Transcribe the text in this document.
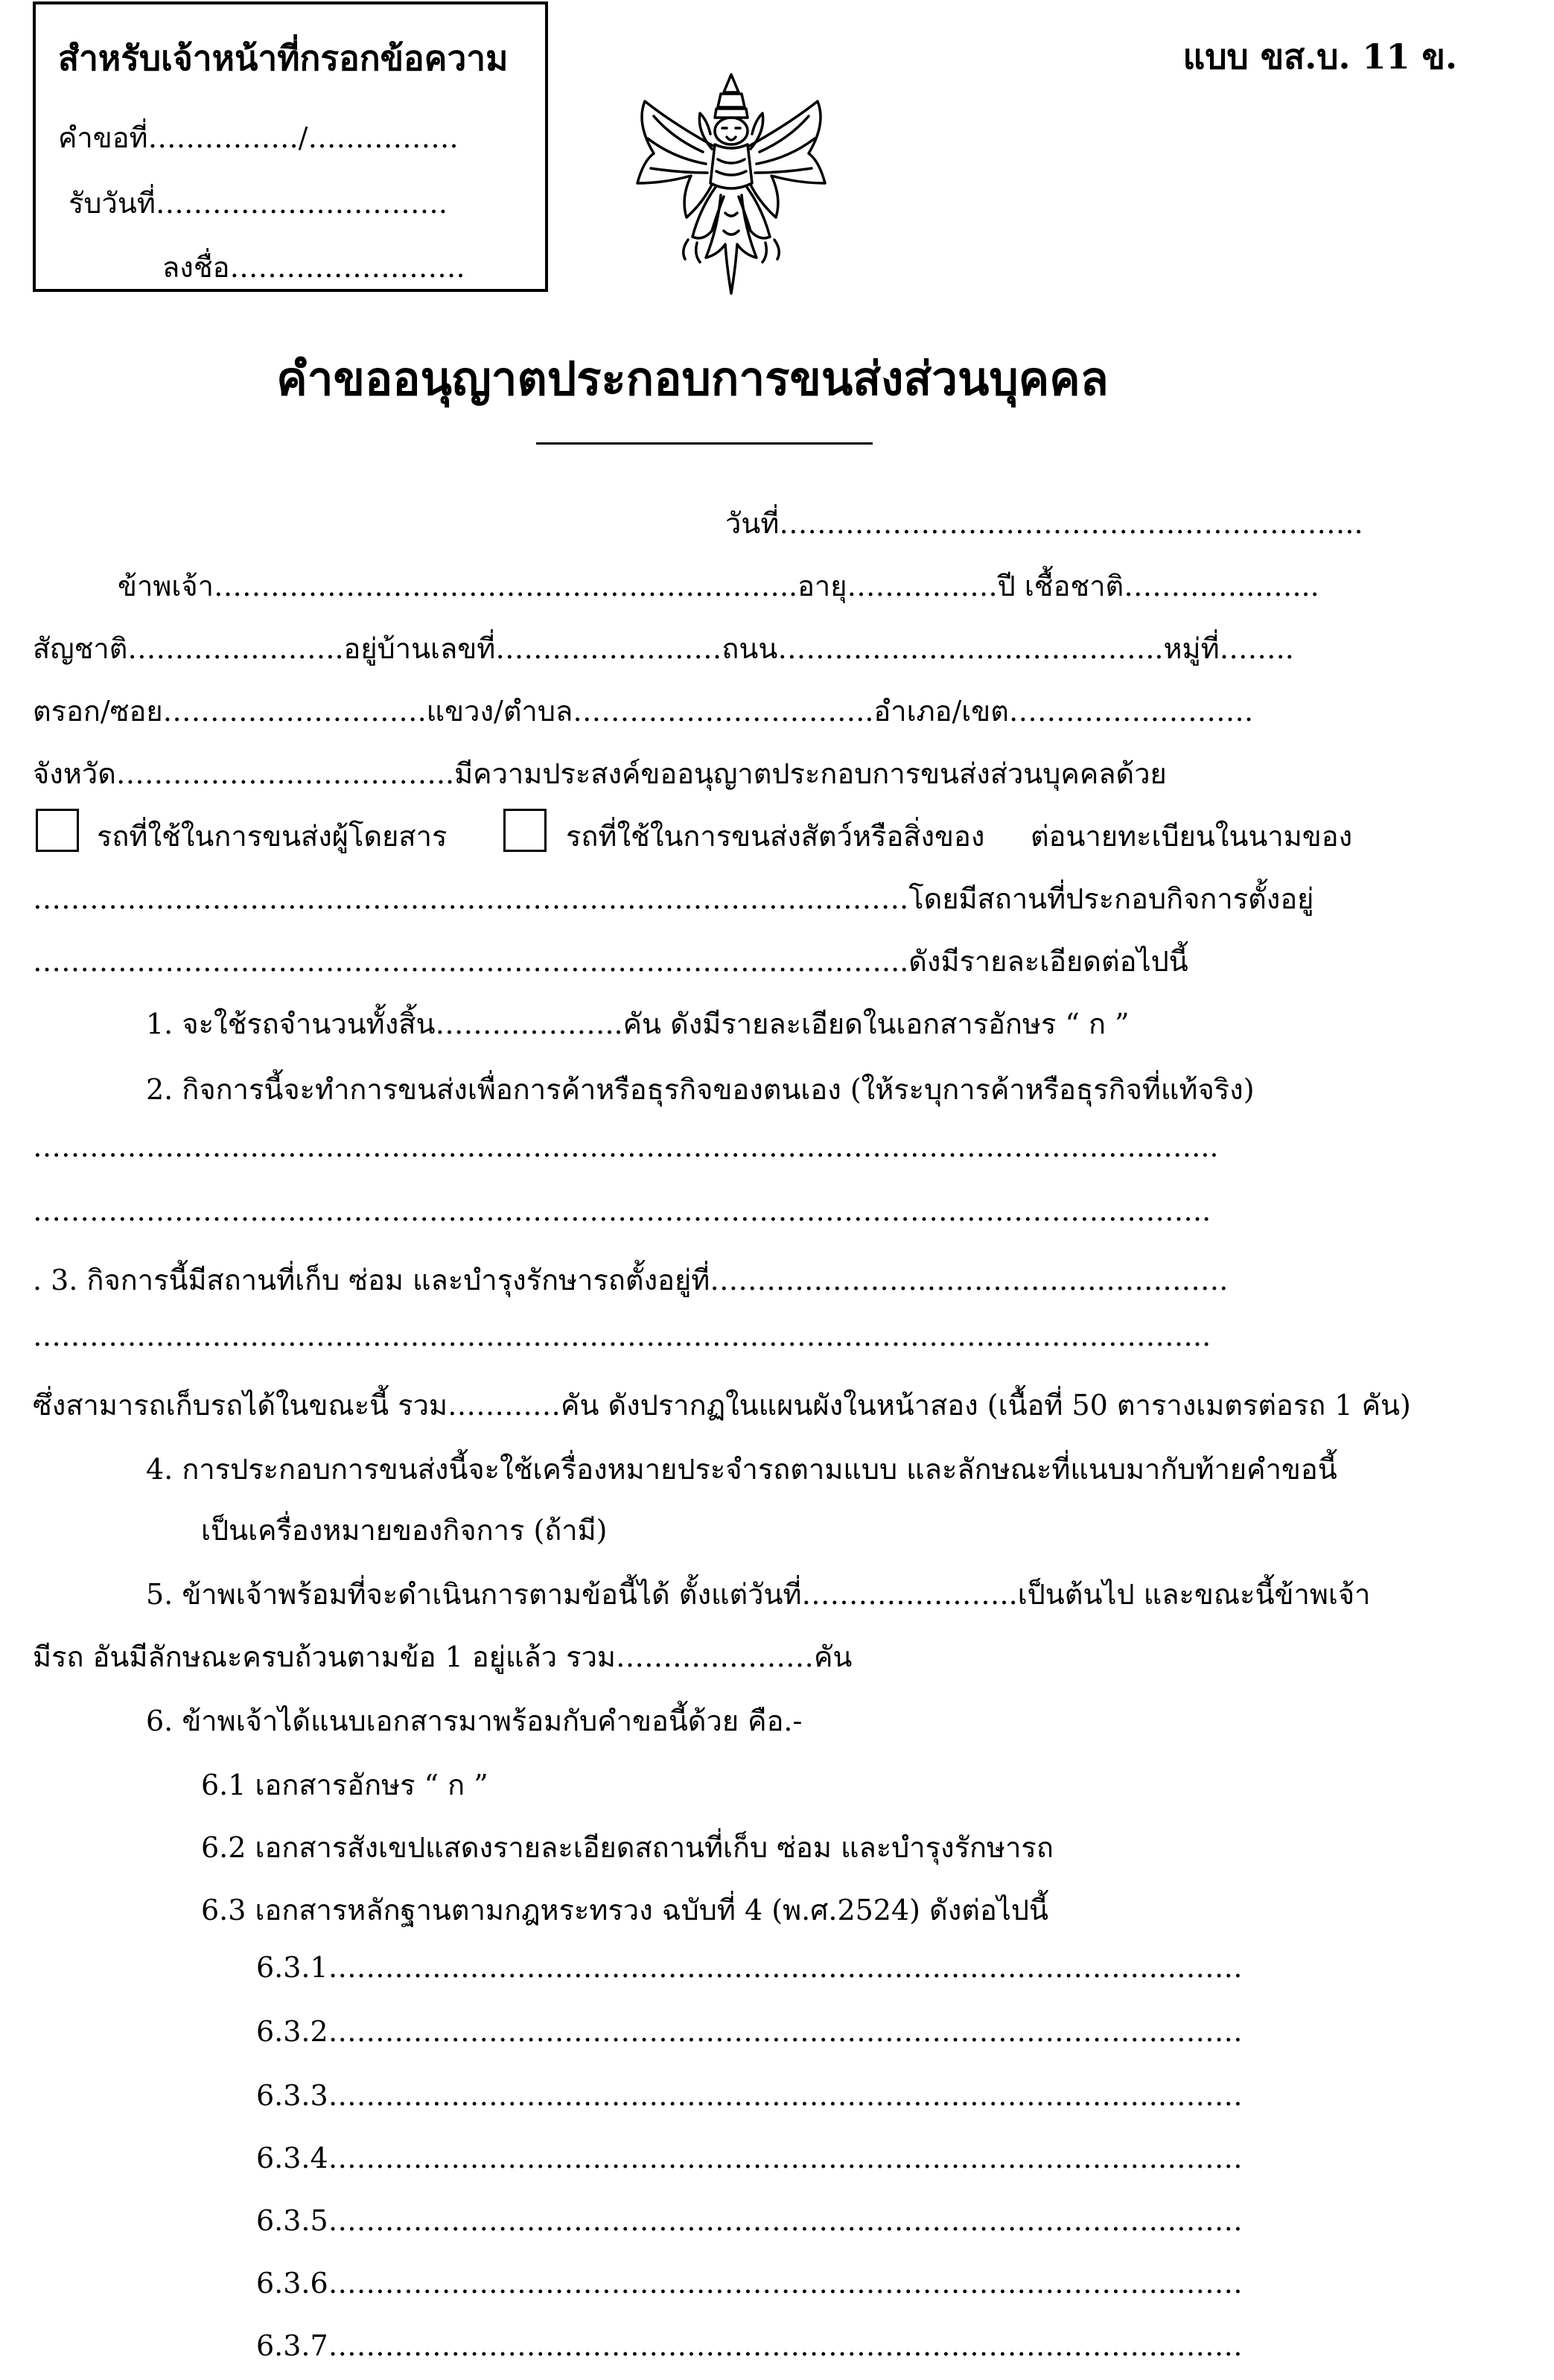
สำหรับเจ้าหน้าที่กรอกข้อความ
คำขอที่……………./…………….
รับวันที่………………………….
ลงชื่อ…………………….
แบบ ขส.บ. 11 ข.
คำขออนุญาตประกอบการขนส่งส่วนบุคคล
วันที่……………………………………………………..
ข้าพเจ้า……………………………………………………..อายุ…………….ปี เชื้อชาติ…………...…...
สัญชาติ…………………..อยู่บ้านเลขที่……………………ถนน…………………………………..หมู่ที่……..
ตรอก/ซอย……………………….แขวง/ตำบล…………………………..อำเภอ/เขต…………….……….
จังหวัด……………….……………..มีความประสงค์ขออนุญาตประกอบการขนส่งส่วนบุคคลด้วย
รถที่ใช้ในการขนส่งผู้โดยสาร	รถที่ใช้ในการขนส่งสัตว์หรือสิ่งของ ต่อนายทะเบียนในนามของ
………………………………………………………………………..……….โดยมีสถานที่ประกอบกิจการตั้งอยู่
………………………………………………………………………………...ดังมีรายละเอียดต่อไปนี้
1. จะใช้รถจำนวนทั้งสิ้น………………..คัน ดังมีรายละเอียดในเอกสารอักษร “ ก ”
2. กิจการนี้จะทำการขนส่งเพื่อการค้าหรือธุรกิจของตนเอง (ให้ระบุการค้าหรือธุรกิจที่แท้จริง)
………………………………………………………………………………………………………...…...
……………………………………………………………………………………………………………..
. 3. กิจการนี้มีสถานที่เก็บ ซ่อม และบำรุงรักษารถตั้งอยู่ที่……………………………………………….
……………………………………………………………………………………………………………..
ซึ่งสามารถเก็บรถได้ในขณะนี้ รวม…………คัน ดังปรากฏในแผนผังในหน้าสอง (เนื้อที่ 50 ตารางเมตรต่อรถ 1 คัน)
4. การประกอบการขนส่งนี้จะใช้เครื่องหมายประจำรถตามแบบ และลักษณะที่แนบมากับท้ายคำขอนี้
เป็นเครื่องหมายของกิจการ (ถ้ามี)
5. ข้าพเจ้าพร้อมที่จะดำเนินการตามข้อนี้ได้ ตั้งแต่วันที่…………………..เป็นต้นไป และขณะนี้ข้าพเจ้า
มีรถ อันมีลักษณะครบถ้วนตามข้อ 1 อยู่แล้ว รวม…………………คัน
6. ข้าพเจ้าได้แนบเอกสารมาพร้อมกับคำขอนี้ด้วย คือ.-
6.1 เอกสารอักษร “ ก ”
6.2 เอกสารสังเขปแสดงรายละเอียดสถานที่เก็บ ซ่อม และบำรุงรักษารถ
6.3 เอกสารหลักฐานตามกฎหระทรวง ฉบับที่ 4 (พ.ศ.2524) ดังต่อไปนี้
6.3.1…………………………………………………………………………….………
6.3.2…………………………………………………………………………….………
6.3.3…………………………………………………………………………….………
6.3.4…………………………………………………………………………….………
6.3.5…………………………………………………………………………….………
6.3.6…………………………………………………………………………….………
6.3.7…………………………………………………………………………….………
